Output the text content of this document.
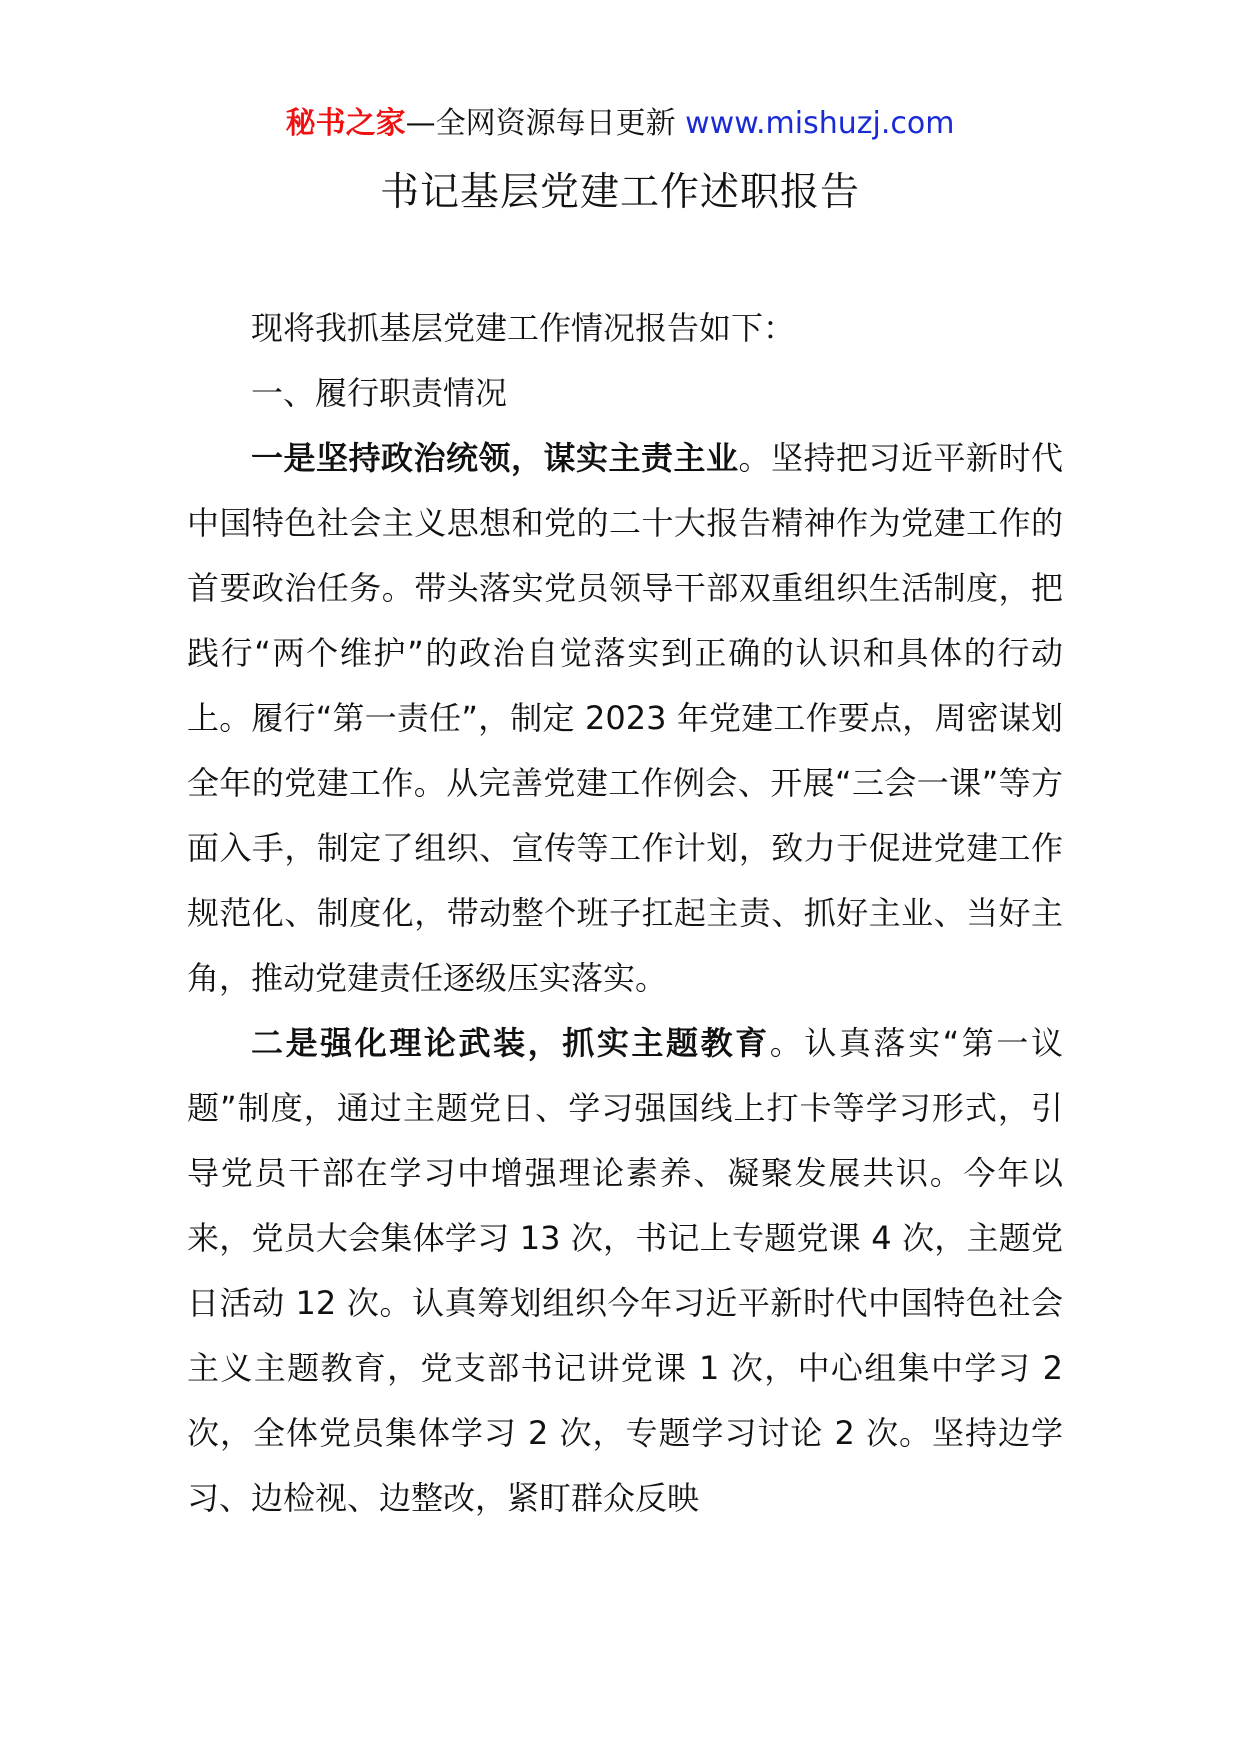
秘书之家—全网资源每日更新 www.mishuzj.com
书记基层党建工作述职报告

现将我抓基层党建工作情况报告如下：

一、履行职责情况

一是坚持政治统领，谋实主责主业。坚持把习近平新时代中国特色社会主义思想和党的二十大报告精神作为党建工作的首要政治任务。带头落实党员领导干部双重组织生活制度，把践行“两个维护”的政治自觉落实到正确的认识和具体的行动上。履行“第一责任”，制定 2023 年党建工作要点，周密谋划全年的党建工作。从完善党建工作例会、开展“三会一课”等方面入手，制定了组织、宣传等工作计划，致力于促进党建工作规范化、制度化，带动整个班子扛起主责、抓好主业、当好主角，推动党建责任逐级压实落实。

二是强化理论武装，抓实主题教育。认真落实“第一议题”制度，通过主题党日、学习强国线上打卡等学习形式，引导党员干部在学习中增强理论素养、凝聚发展共识。今年以来，党员大会集体学习 13 次，书记上专题党课 4 次，主题党日活动 12 次。认真筹划组织今年习近平新时代中国特色社会主义主题教育，党支部书记讲党课 1 次，中心组集中学习 2 次，全体党员集体学习 2 次，专题学习讨论 2 次。坚持边学习、边检视、边整改，紧盯群众反映
